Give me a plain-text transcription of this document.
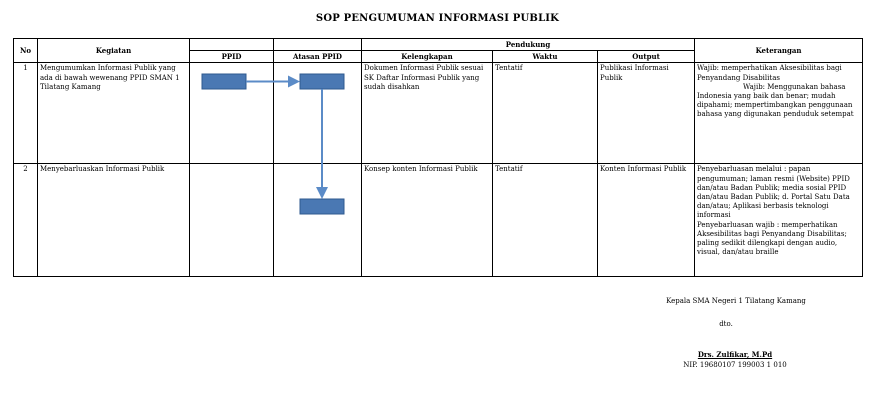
SOP PENGUMUMAN INFORMASI PUBLIK
No	Kegiatan			Pendukung			Keterangan
		PPID	Atasan PPID	Kelengkapan	Waktu	Output	
1	Mengumumkan Informasi Publik yang ada di bawah wewenang PPID SMAN 1 Tilatang Kamang			Dokumen Informasi Publik sesuai SK Daftar Informasi Publik yang sudah disahkan	Tentatif	Publikasi Informasi Publik	Wajib: memperhatikan Aksesibilitas bagi Penyandang Disabilitas
Wajib: Menggunakan bahasa Indonesia yang baik dan benar; mudah dipahami; mempertimbangkan penggunaan bahasa yang digunakan penduduk setempat

2	Menyebarluaskan Informasi Publik			Konsep konten Informasi Publik	Tentatif	Konten Informasi Publik	Penyebarluasan melalui : papan pengumuman; laman resmi (Website) PPID dan/atau Badan Publik; media sosial PPID dan/atau Badan Publik; d. Portal Satu Data dan/atau; Aplikasi berbasis teknologi informasi
Penyebarluasan wajib : memperhatikan Aksesibilitas bagi Penyandang Disabilitas; paling sedikit dilengkapi dengan audio, visual, dan/atau braille
Kepala SMA Negeri 1 Tilatang Kamang
dto.
Drs. Zulfikar, M.Pd
NIP. 19680107 199003 1 010
